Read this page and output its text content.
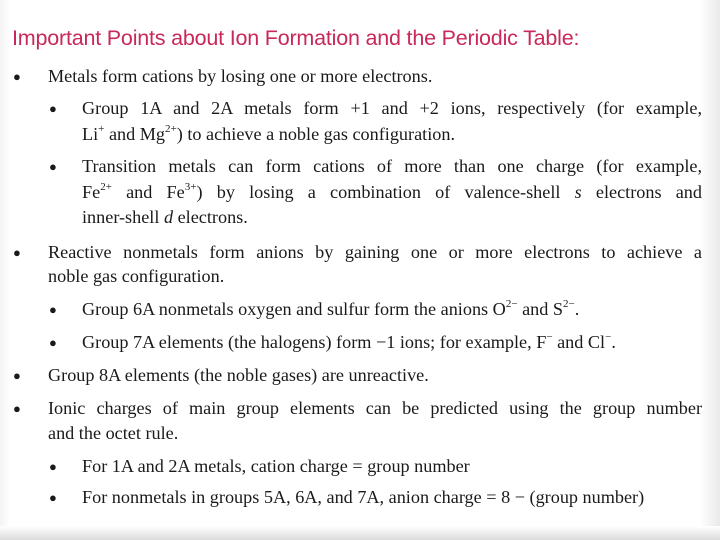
Important Points about Ion Formation and the Periodic Table:
● Metals form cations by losing one or more electrons.
● Group 1A and 2A metals form +1 and +2 ions, respectively (for example,
Li+ and $Mg^{2+}$) to achieve a noble gas configuration.
● Transition metals can form cations of more than one charge (for example,
$Fe^{2+}$ and $Fe^{3+}$) by losing a combination of valence-shell s electrons and
inner-shell d electrons.
● Reactive nonmetals form anions by gaining one or more electrons to achieve a
noble gas configuration.
● Group 6A nonmetals oxygen and sulfur form the anions $O^{2-}$ and $S^{2-}$.
● Group 7A elements (the halogens) form −1 ions; for example, F− and Cl−.
● Group 8A elements (the noble gases) are unreactive.
● Ionic charges of main group elements can be predicted using the group number
and the octet rule.
● For 1A and 2A metals, cation charge = group number
● For nonmetals in groups 5A, 6A, and 7A, anion charge = 8 − (group number)
